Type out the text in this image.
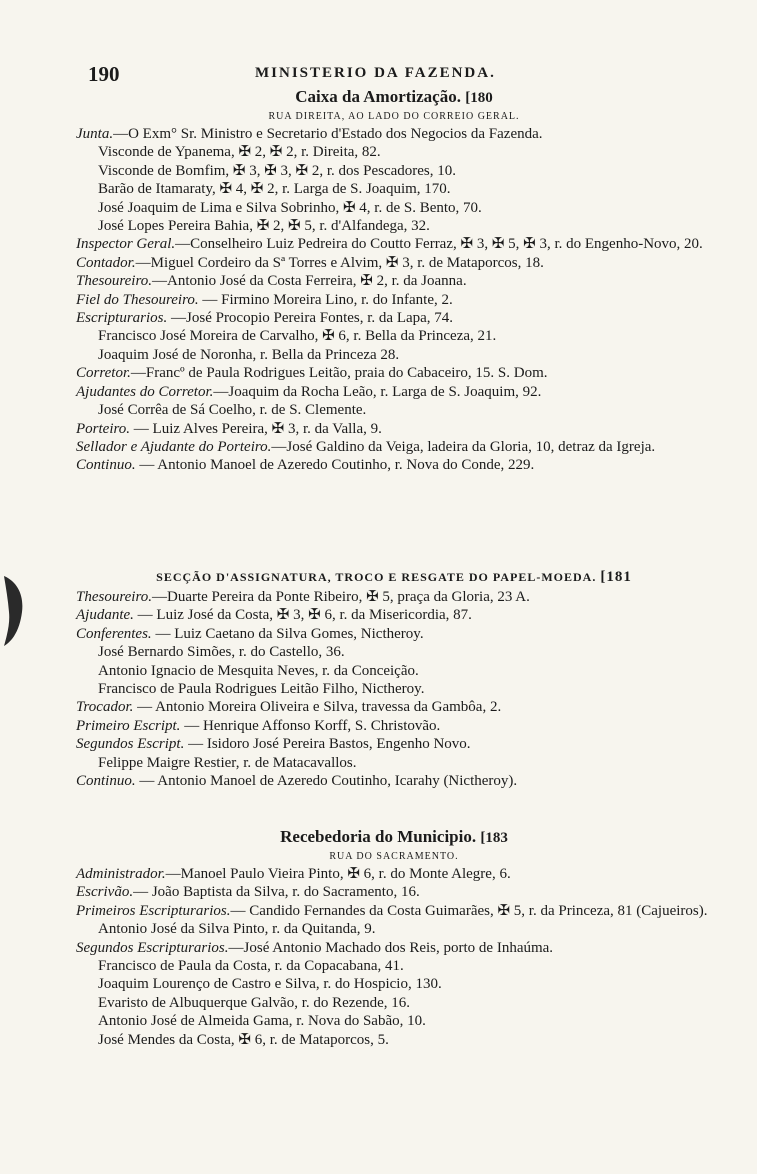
190	MINISTERIO DA FAZENDA.
Caixa da Amortização. [180
RUA DIREITA, AO LADO DO CORREIO GERAL.
Junta.—O Exm° Sr. Ministro e Secretario d'Estado dos Negocios da Fazenda.
Visconde de Ypanema, ✠ 2, ✠ 2, r. Direita, 82.
Visconde de Bomfim, ✠ 3, ✠ 3, ✠ 2, r. dos Pescadores, 10.
Barão de Itamaraty, ✠ 4, ✠ 2, r. Larga de S. Joaquim, 170.
José Joaquim de Lima e Silva Sobrinho, ✠ 4, r. de S. Bento, 70.
José Lopes Pereira Bahia, ✠ 2, ✠ 5, r. d'Alfandega, 32.
Inspector Geral.—Conselheiro Luiz Pedreira do Coutto Ferraz, ✠ 3, ✠ 5, ✠ 3, r. do Engenho-Novo, 20.
Contador.—Miguel Cordeiro da Sª Torres e Alvim, ✠ 3, r. de Mataporcos, 18.
Thesoureiro.—Antonio José da Costa Ferreira, ✠ 2, r. da Joanna.
Fiel do Thesoureiro. — Firmino Moreira Lino, r. do Infante, 2.
Escripturarios. —José Procopio Pereira Fontes, r. da Lapa, 74.
Francisco José Moreira de Carvalho, ✠ 6, r. Bella da Princeza, 21.
Joaquim José de Noronha, r. Bella da Princeza 28.
Corretor.—Francº de Paula Rodrigues Leitão, praia do Cabaceiro, 15. S. Dom.
Ajudantes do Corretor.—Joaquim da Rocha Leão, r. Larga de S. Joaquim, 92.
José Corrêa de Sá Coelho, r. de S. Clemente.
Porteiro. — Luiz Alves Pereira, ✠ 3, r. da Valla, 9.
Sellador e Ajudante do Porteiro.—José Galdino da Veiga, ladeira da Gloria, 10, detraz da Igreja.
Continuo. — Antonio Manoel de Azeredo Coutinho, r. Nova do Conde, 229.
SECÇÃO D'ASSIGNATURA, TROCO E RESGATE DO PAPEL-MOEDA. [181
Thesoureiro.—Duarte Pereira da Ponte Ribeiro, ✠ 5, praça da Gloria, 23 A.
Ajudante. — Luiz José da Costa, ✠ 3, ✠ 6, r. da Misericordia, 87.
Conferentes. — Luiz Caetano da Silva Gomes, Nictheroy.
José Bernardo Simões, r. do Castello, 36.
Antonio Ignacio de Mesquita Neves, r. da Conceição.
Francisco de Paula Rodrigues Leitão Filho, Nictheroy.
Trocador. — Antonio Moreira Oliveira e Silva, travessa da Gambôa, 2.
Primeiro Escript. — Henrique Affonso Korff, S. Christovão.
Segundos Escript. — Isidoro José Pereira Bastos, Engenho Novo.
Felippe Maigre Restier, r. de Matacavallos.
Continuo. — Antonio Manoel de Azeredo Coutinho, Icarahy (Nictheroy).
Recebedoria do Municipio. [183
RUA DO SACRAMENTO.
Administrador.—Manoel Paulo Vieira Pinto, ✠ 6, r. do Monte Alegre, 6.
Escrivão.— João Baptista da Silva, r. do Sacramento, 16.
Primeiros Escripturarios.— Candido Fernandes da Costa Guimarães, ✠ 5, r. da Princeza, 81 (Cajueiros).
Antonio José da Silva Pinto, r. da Quitanda, 9.
Segundos Escripturarios.—José Antonio Machado dos Reis, porto de Inhaúma.
Francisco de Paula da Costa, r. da Copacabana, 41.
Joaquim Lourenço de Castro e Silva, r. do Hospicio, 130.
Evaristo de Albuquerque Galvão, r. do Rezende, 16.
Antonio José de Almeida Gama, r. Nova do Sabão, 10.
José Mendes da Costa, ✠ 6, r. de Mataporcos, 5.
